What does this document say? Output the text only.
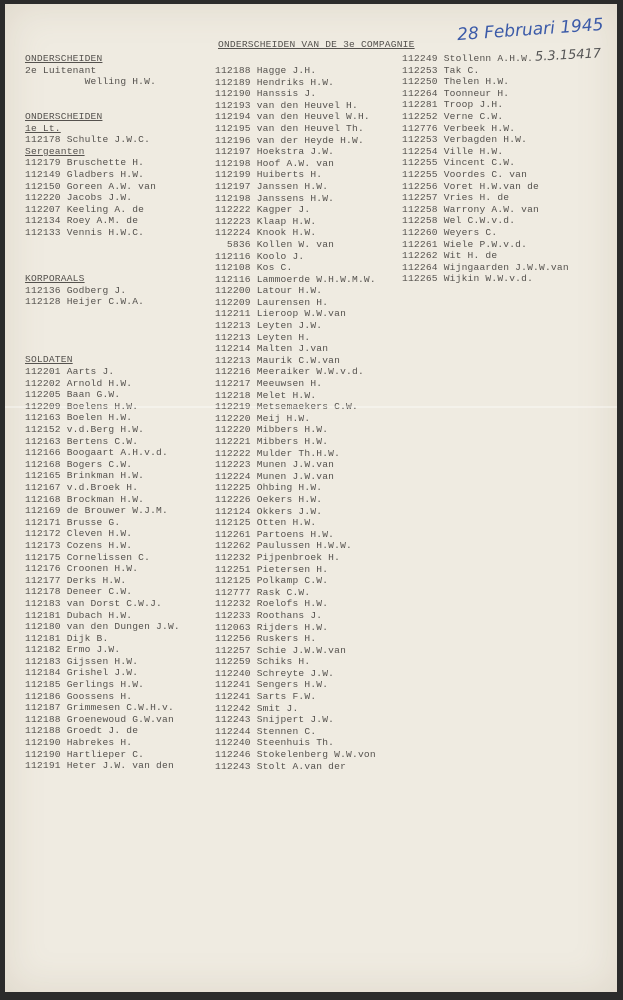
28 Februari 1945
5.3.15417
ONDERSCHEIDEN VAN DE 3e COMPAGNIE
ONDERSCHEIDEN
2e Luitenant
Welling H.W.
ONDERSCHEIDEN
1e Lt.
112178 Schulte J.W.C.
Sergeanten
112179 Bruschette H.
112149 Gladbers H.W.
112150 Goreen A.W. van
112220 Jacobs J.W.
112207 Keeling A. de
112134 Roey A.M. de
112133 Vennis H.W.C.
KORPORAALS
112136 Godberg J.
112128 Heijer C.W.A.
SOLDATEN
112201 Aarts J.
112202 Arnold H.W.
112205 Baan G.W.
112209 Boelens H.W.
112163 Boelen H.W.
112152 v.d.Berg H.W.
112163 Bertens C.W.
112166 Boogaart A.H.v.d.
112168 Bogers C.W.
112165 Brinkman H.W.
112167 v.d.Broek H.
112168 Brockman H.W.
112169 de Brouwer W.J.M.
112171 Brusse G.
112172 Cleven H.W.
112173 Cozens H.W.
112175 Cornelissen C.
112176 Croonen H.W.
112177 Derks H.W.
112178 Deneer C.W.
112183 van Dorst C.W.J.
112181 Dubach H.W.
112180 van den Dungen J.W.
112181 Dijk B.
112182 Ermo J.W.
112183 Gijssen H.W.
112184 Grishel J.W.
112185 Gerlings H.W.
112186 Goossens H.
112187 Grimmesen C.W.H.v.
112188 Groenewoud G.W.van
112188 Groedt J. de
112190 Habrekes H.
112190 Hartlieper C.
112191 Heter J.W. van den
112188 Hagge J.H.
112189 Hendriks H.W.
112190 Hanssis J.
112193 van den Heuvel H.
112194 van den Heuvel W.H.
112195 van den Heuvel Th.
112196 van der Heyde H.W.
112197 Hoekstra J.W.
112198 Hoof A.W. van
112199 Huiberts H.
112197 Janssen H.W.
112198 Janssens H.W.
112222 Kagper J.
112223 Klaap H.W.
112224 Knook H.W.
5836 Kollen W. van
112116 Koolo J.
112108 Kos C.
112116 Lammoerde W.H.W.M.W.
112200 Latour H.W.
112209 Laurensen H.
112211 Lieroop W.W.van
112213 Leyten J.W.
112213 Leyten H.
112214 Malten J.van
112213 Maurik C.W.van
112216 Meeraiker W.W.v.d.
112217 Meeuwsen H.
112218 Melet H.W.
112219 Metsemaekers C.W.
112220 Meij H.W.
112220 Mibbers H.W.
112221 Mibbers H.W.
112222 Mulder Th.H.W.
112223 Munen J.W.van
112224 Munen J.W.van
112225 Ohbing H.W.
112226 Oekers H.W.
112124 Okkers J.W.
112125 Otten H.W.
112261 Partoens H.W.
112262 Paulussen H.W.W.
112232 Pijpenbroek H.
112251 Pietersen H.
112125 Polkamp C.W.
112777 Rask C.W.
112232 Roelofs H.W.
112233 Roothans J.
112063 Rijders H.W.
112256 Ruskers H.
112257 Schie J.W.W.van
112259 Schiks H.
112240 Schreyte J.W.
112241 Sengers H.W.
112241 Sarts F.W.
112242 Smit J.
112243 Snijpert J.W.
112244 Stennen C.
112240 Steenhuis Th.
112246 Stokelenberg W.W.von
112243 Stolt A.van der
112249 Stollenn A.H.W.
112253 Tak C.
112250 Thelen H.W.
112264 Toonneur H.
112281 Troop J.H.
112252 Verne C.W.
112776 Verbeek H.W.
112253 Verbagden H.W.
112254 Ville H.W.
112255 Vincent C.W.
112255 Voordes C. van
112256 Voret H.W.van de
112257 Vries H. de
112258 Warrony A.W. van
112258 Wel C.W.v.d.
112260 Weyers C.
112261 Wiele P.W.v.d.
112262 Wit H. de
112264 Wijngaarden J.W.W.van
112265 Wijkin W.W.v.d.
